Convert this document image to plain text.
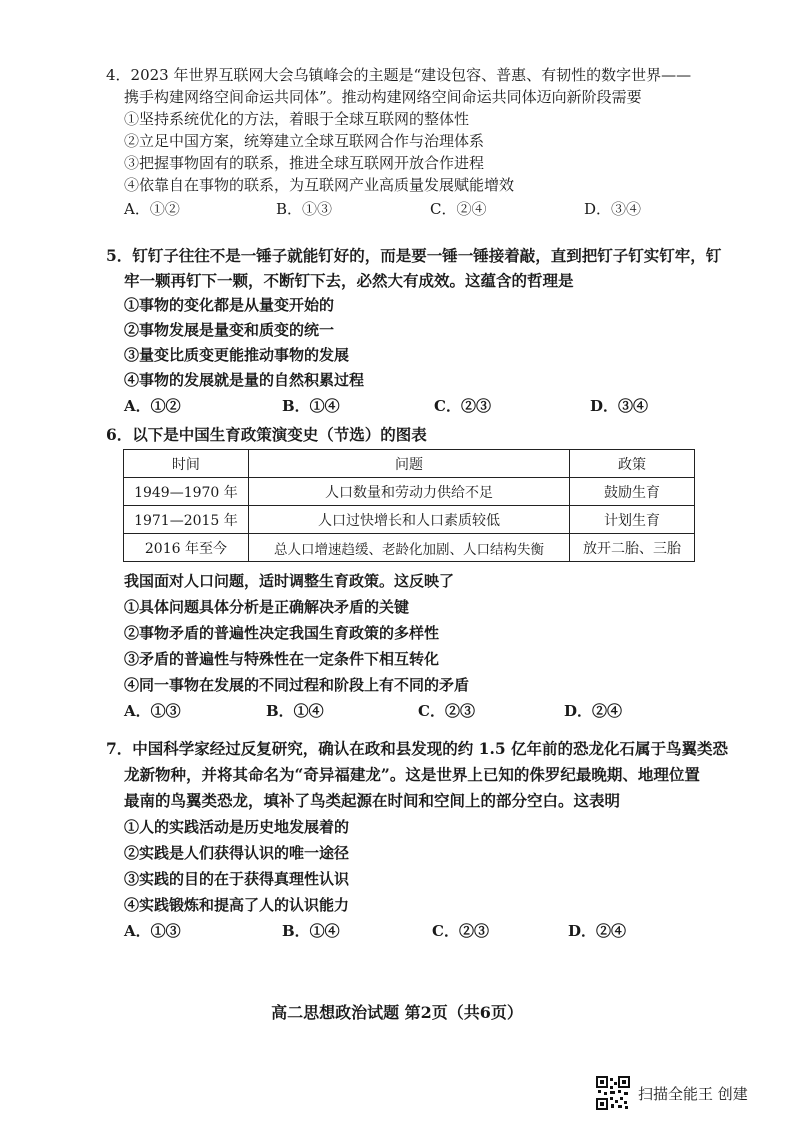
4．2023 年世界互联网大会乌镇峰会的主题是“建设包容、普惠、有韧性的数字世界——
携手构建网络空间命运共同体”。推动构建网络空间命运共同体迈向新阶段需要
①坚持系统优化的方法，着眼于全球互联网的整体性
②立足中国方案，统筹建立全球互联网合作与治理体系
③把握事物固有的联系，推进全球互联网开放合作进程
④依靠自在事物的联系，为互联网产业高质量发展赋能增效
A．①②	B．①③	C．②④	D．③④
5．钉钉子往往不是一锤子就能钉好的，而是要一锤一锤接着敲，直到把钉子钉实钉牢，钉
牢一颗再钉下一颗，不断钉下去，必然大有成效。这蕴含的哲理是
①事物的变化都是从量变开始的
②事物发展是量变和质变的统一
③量变比质变更能推动事物的发展
④事物的发展就是量的自然积累过程
A．①②	B．①④	C．②③	D．③④
6．以下是中国生育政策演变史（节选）的图表
时间	问题	政策
1949—1970 年	人口数量和劳动力供给不足	鼓励生育
1971—2015 年	人口过快增长和人口素质较低	计划生育
2016 年至今	总人口增速趋缓、老龄化加剧、人口结构失衡	放开二胎、三胎
我国面对人口问题，适时调整生育政策。这反映了
①具体问题具体分析是正确解决矛盾的关键
②事物矛盾的普遍性决定我国生育政策的多样性
③矛盾的普遍性与特殊性在一定条件下相互转化
④同一事物在发展的不同过程和阶段上有不同的矛盾
A．①③	B．①④	C．②③	D．②④
7．中国科学家经过反复研究，确认在政和县发现的约 1.5 亿年前的恐龙化石属于鸟翼类恐
龙新物种，并将其命名为“奇异福建龙”。这是世界上已知的侏罗纪最晚期、地理位置
最南的鸟翼类恐龙，填补了鸟类起源在时间和空间上的部分空白。这表明
①人的实践活动是历史地发展着的
②实践是人们获得认识的唯一途径
③实践的目的在于获得真理性认识
④实践锻炼和提高了人的认识能力
A．①③	B．①④	C．②③	D．②④
高二思想政治试题 第2页（共6页）
扫描全能王 创建
